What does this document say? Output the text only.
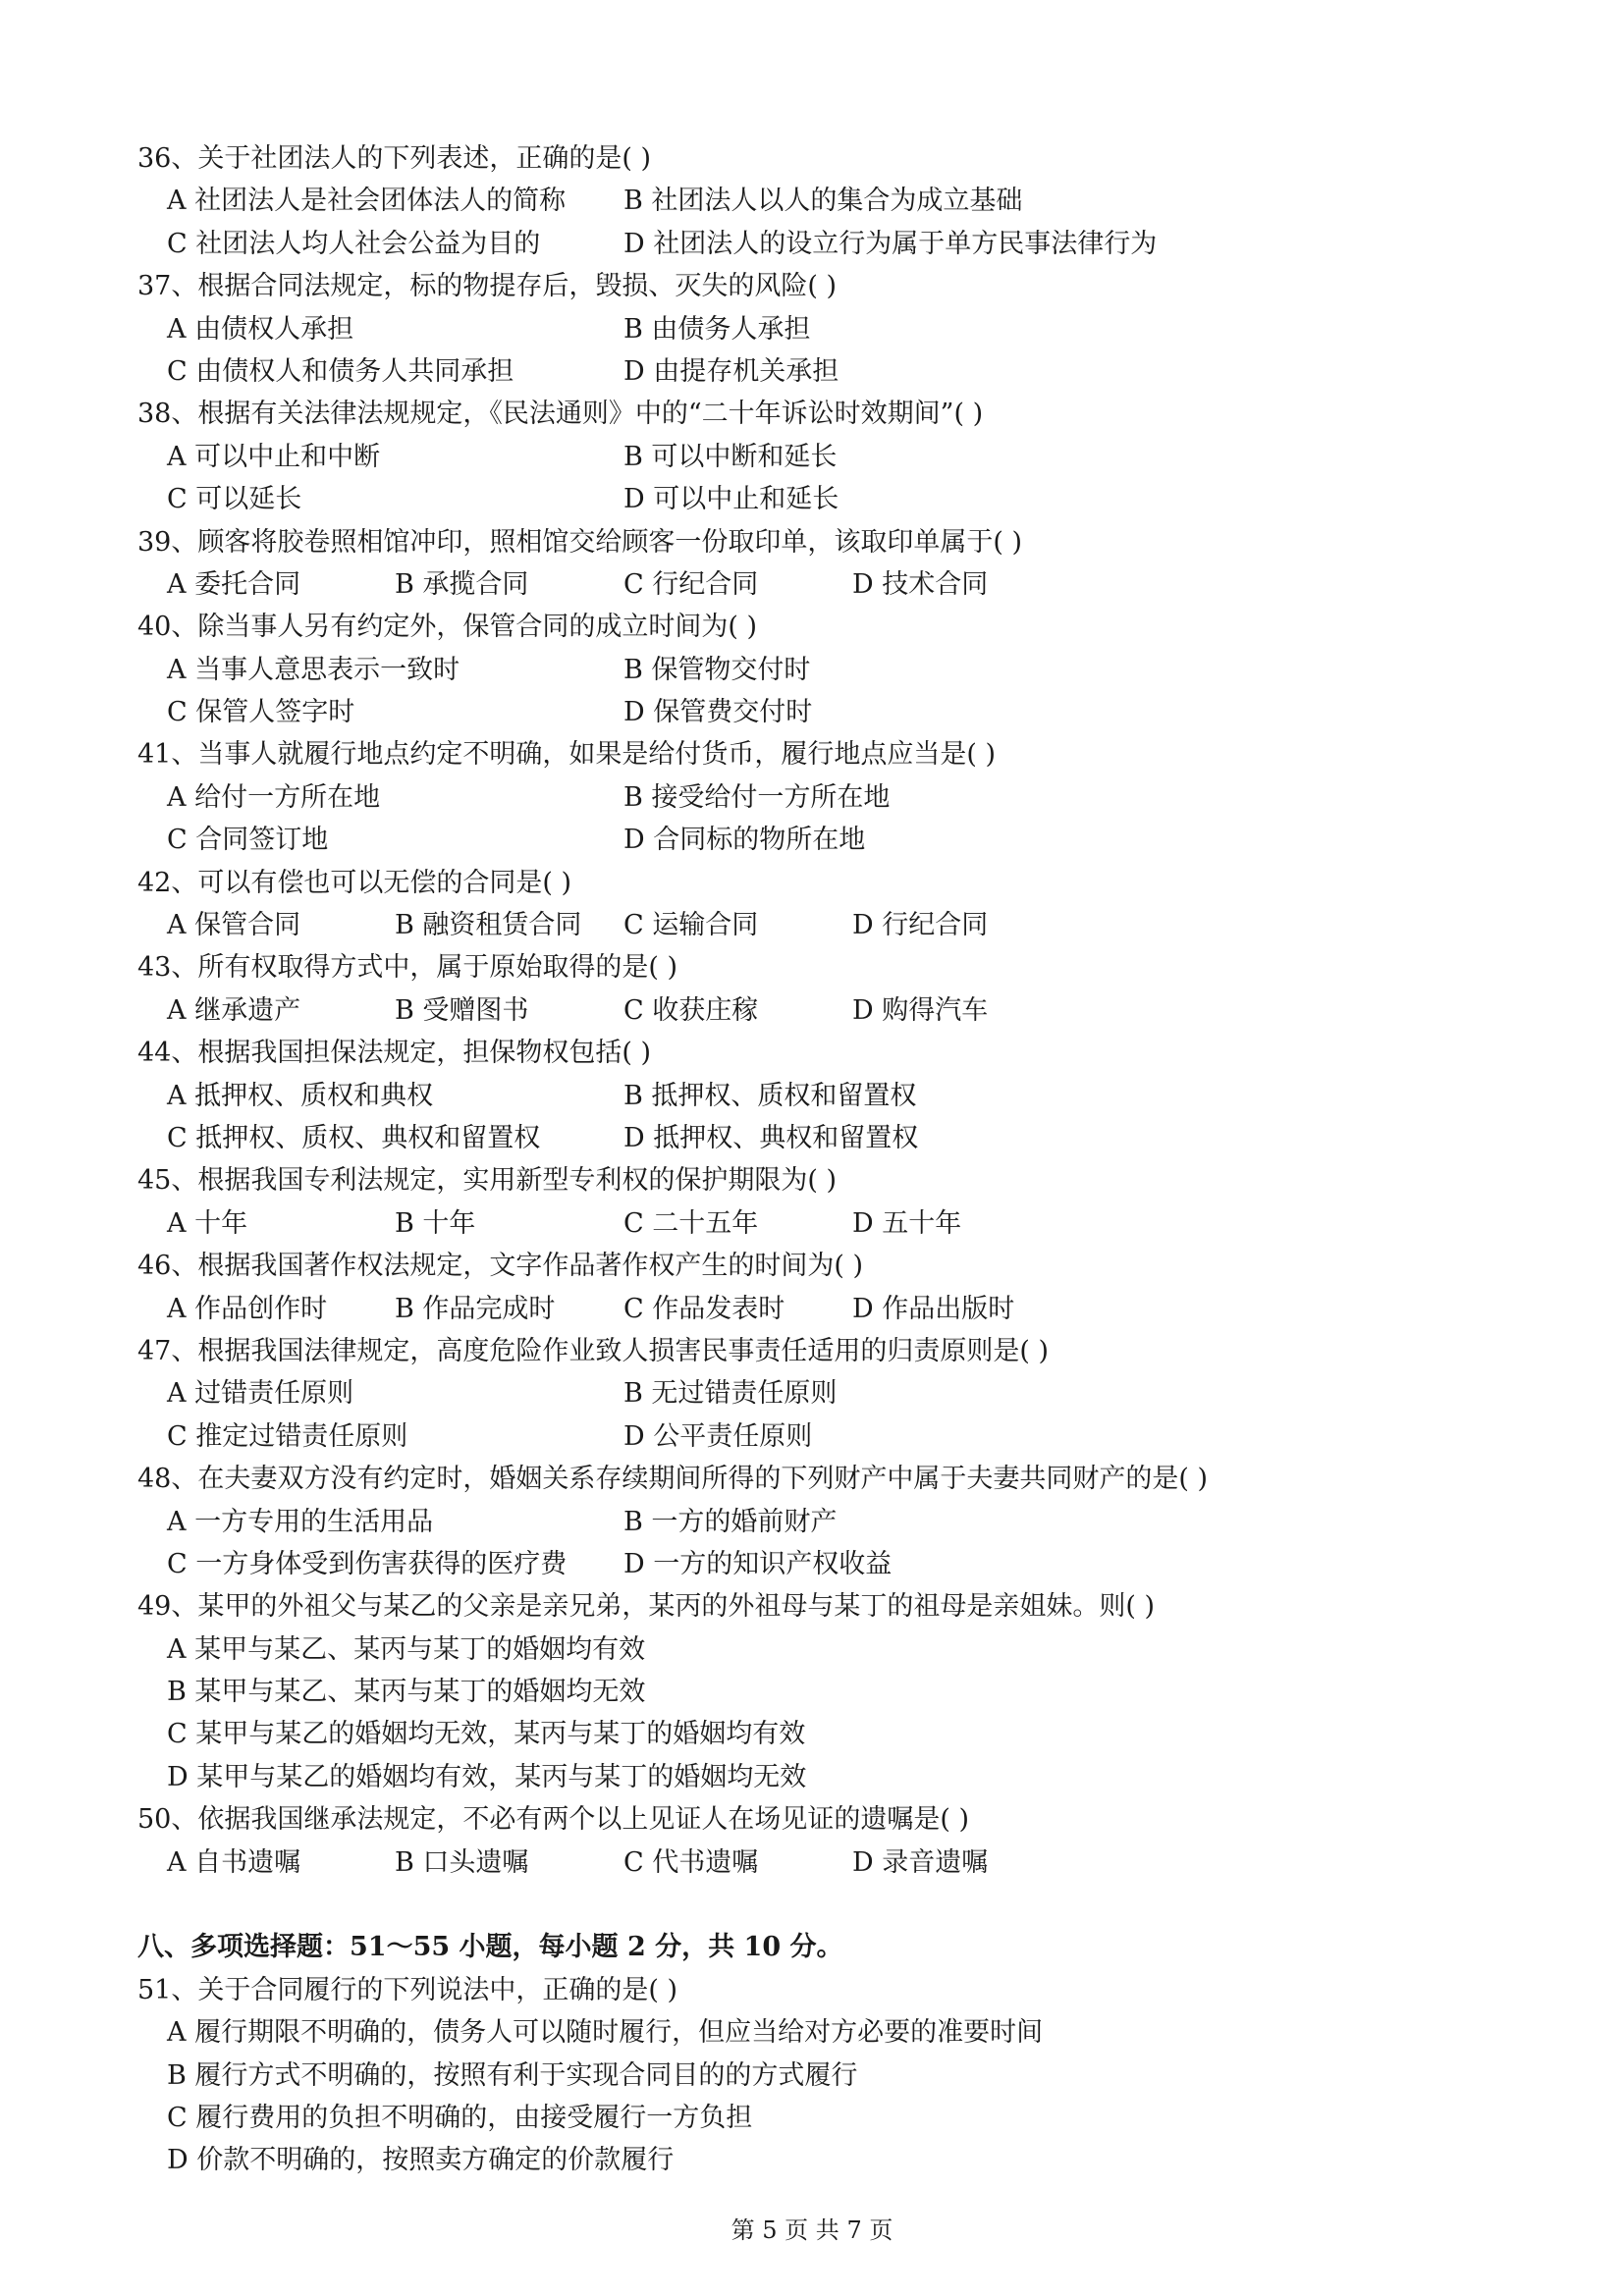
36、关于社团法人的下列表述，正确的是( )
A 社团法人是社会团体法人的简称 B 社团法人以人的集合为成立基础
C 社团法人均人社会公益为目的	D 社团法人的设立行为属于单方民事法律行为
37、根据合同法规定，标的物提存后，毁损、灭失的风险( )
A 由债权人承担	B 由债务人承担
C 由债权人和债务人共同承担	D 由提存机关承担
38、根据有关法律法规规定，《民法通则》中的“二十年诉讼时效期间”( )
A 可以中止和中断	B 可以中断和延长
C 可以延长	D 可以中止和延长
39、顾客将胶卷照相馆冲印，照相馆交给顾客一份取印单，该取印单属于( )
A 委托合同	B 承揽合同	C 行纪合同	D 技术合同
40、除当事人另有约定外，保管合同的成立时间为( )
A 当事人意思表示一致时	B 保管物交付时
C 保管人签字时	D 保管费交付时
41、当事人就履行地点约定不明确，如果是给付货币，履行地点应当是( )
A 给付一方所在地	B 接受给付一方所在地
C 合同签订地	D 合同标的物所在地
42、可以有偿也可以无偿的合同是( )
A 保管合同	B 融资租赁合同 C 运输合同	D 行纪合同
43、所有权取得方式中，属于原始取得的是( )
A 继承遗产	B 受赠图书	C 收获庄稼	D 购得汽车
44、根据我国担保法规定，担保物权包括( )
A 抵押权、质权和典权	B 抵押权、质权和留置权
C 抵押权、质权、典权和留置权	D 抵押权、典权和留置权
45、根据我国专利法规定，实用新型专利权的保护期限为( )
A 十年	B 十年	C 二十五年	D 五十年
46、根据我国著作权法规定，文字作品著作权产生的时间为( )
A 作品创作时	B 作品完成时	C 作品发表时	D 作品出版时
47、根据我国法律规定，高度危险作业致人损害民事责任适用的归责原则是( )
A 过错责任原则	B 无过错责任原则
C 推定过错责任原则	D 公平责任原则
48、在夫妻双方没有约定时，婚姻关系存续期间所得的下列财产中属于夫妻共同财产的是( )
A 一方专用的生活用品	B 一方的婚前财产
C 一方身体受到伤害获得的医疗费 D 一方的知识产权收益
49、某甲的外祖父与某乙的父亲是亲兄弟，某丙的外祖母与某丁的祖母是亲姐妹。则( )
A 某甲与某乙、某丙与某丁的婚姻均有效
B 某甲与某乙、某丙与某丁的婚姻均无效
C 某甲与某乙的婚姻均无效，某丙与某丁的婚姻均有效
D 某甲与某乙的婚姻均有效，某丙与某丁的婚姻均无效
50、依据我国继承法规定，不必有两个以上见证人在场见证的遗嘱是( )
A 自书遗嘱	B 口头遗嘱	C 代书遗嘱	D 录音遗嘱
八、多项选择题：51～55 小题，每小题 2 分，共 10 分。
51、关于合同履行的下列说法中，正确的是( )
A 履行期限不明确的，债务人可以随时履行，但应当给对方必要的准要时间
B 履行方式不明确的，按照有利于实现合同目的的方式履行
C 履行费用的负担不明确的，由接受履行一方负担
D 价款不明确的，按照卖方确定的价款履行
第 5 页 共 7 页
